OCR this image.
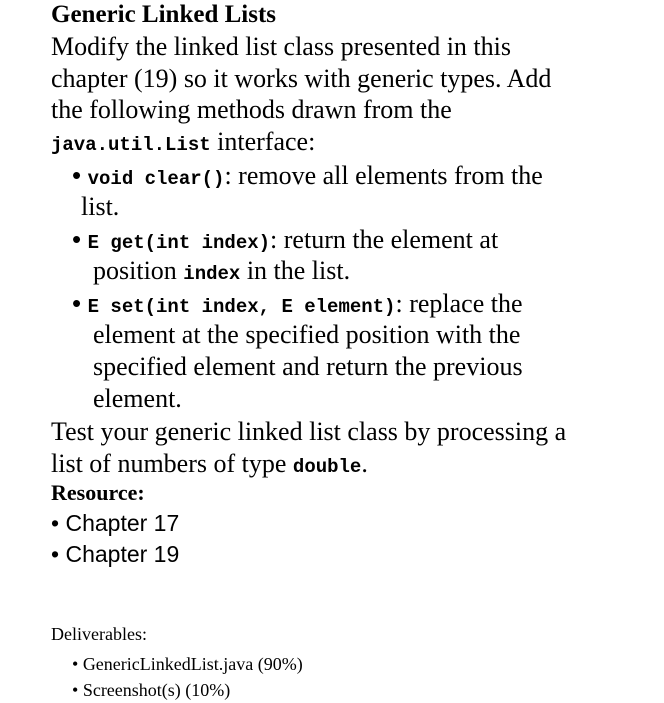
Generic Linked Lists
Modify the linked list class presented in this
chapter (19) so it works with generic types. Add
the following methods drawn from the
java.util.List interface:
• void clear(): remove all elements from the
list.
• E get(int index): return the element at
position index in the list.
• E set(int index, E element): replace the
element at the specified position with the
specified element and return the previous
element.
Test your generic linked list class by processing a
list of numbers of type double.
Resource:
• Chapter 17
• Chapter 19
Deliverables:
• GenericLinkedList.java (90%)
• Screenshot(s) (10%)
